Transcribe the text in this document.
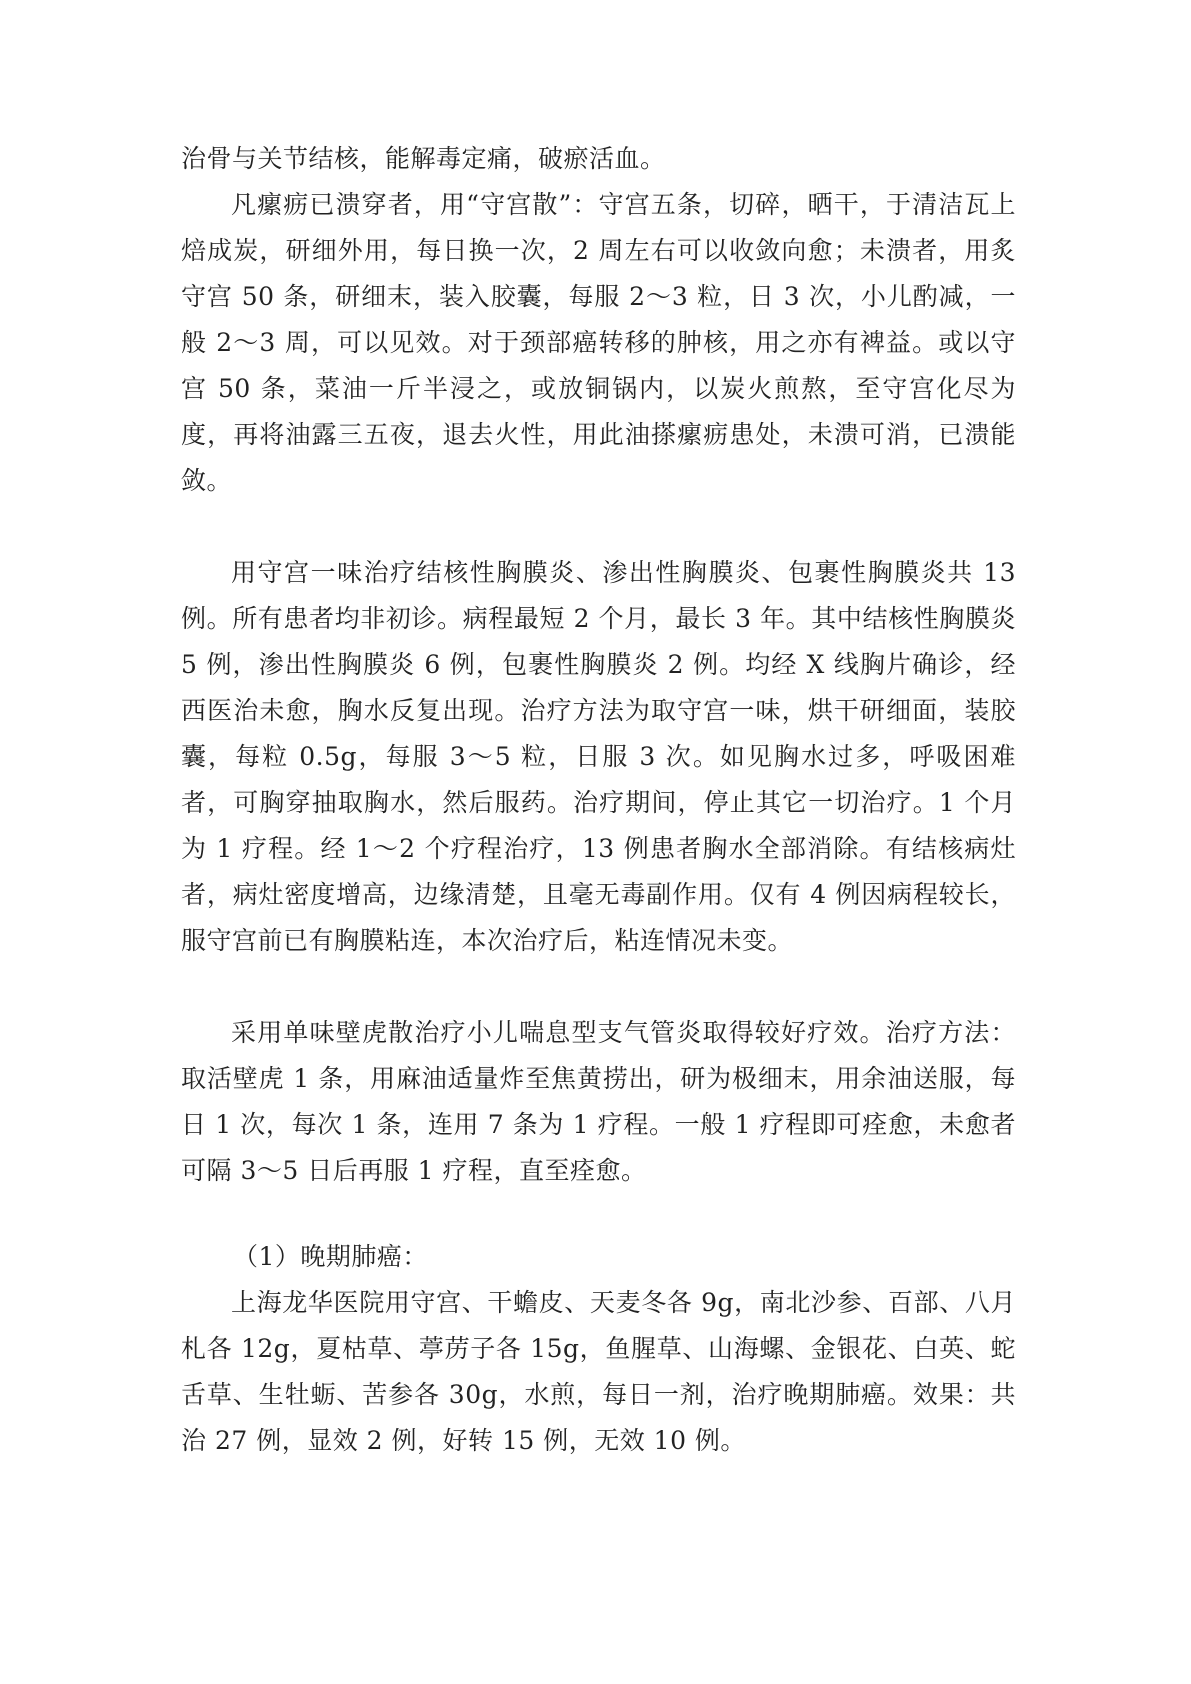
治骨与关节结核，能解毒定痛，破瘀活血。

凡瘰疬已溃穿者，用“守宫散”：守宫五条，切碎，晒干，于清洁瓦上焙成炭，研细外用，每日换一次，2 周左右可以收敛向愈；未溃者，用炙守宫 50 条，研细末，装入胶囊，每服 2～3 粒，日 3 次，小儿酌减，一般 2～3 周，可以见效。对于颈部癌转移的肿核，用之亦有裨益。或以守宫 50 条，菜油一斤半浸之，或放铜锅内，以炭火煎熬，至守宫化尽为度，再将油露三五夜，退去火性，用此油搽瘰疬患处，未溃可消，已溃能敛。

用守宫一味治疗结核性胸膜炎、渗出性胸膜炎、包裹性胸膜炎共 13 例。所有患者均非初诊。病程最短 2 个月，最长 3 年。其中结核性胸膜炎 5 例，渗出性胸膜炎 6 例，包裹性胸膜炎 2 例。均经 X 线胸片确诊，经西医治未愈，胸水反复出现。治疗方法为取守宫一味，烘干研细面，装胶囊，每粒 0.5g，每服 3～5 粒，日服 3 次。如见胸水过多，呼吸困难者，可胸穿抽取胸水，然后服药。治疗期间，停止其它一切治疗。1 个月为 1 疗程。经 1～2 个疗程治疗，13 例患者胸水全部消除。有结核病灶者，病灶密度增高，边缘清楚，且毫无毒副作用。仅有 4 例因病程较长，服守宫前已有胸膜粘连，本次治疗后，粘连情况未变。

采用单味壁虎散治疗小儿喘息型支气管炎取得较好疗效。治疗方法：取活壁虎 1 条，用麻油适量炸至焦黄捞出，研为极细末，用余油送服，每日 1 次，每次 1 条，连用 7 条为 1 疗程。一般 1 疗程即可痊愈，未愈者可隔 3～5 日后再服 1 疗程，直至痊愈。

（1）晚期肺癌：

上海龙华医院用守宫、干蟾皮、天麦冬各 9g，南北沙参、百部、八月札各 12g，夏枯草、葶苈子各 15g，鱼腥草、山海螺、金银花、白英、蛇舌草、生牡蛎、苦参各 30g，水煎，每日一剂，治疗晚期肺癌。效果：共治 27 例，显效 2 例，好转 15 例，无效 10 例。
